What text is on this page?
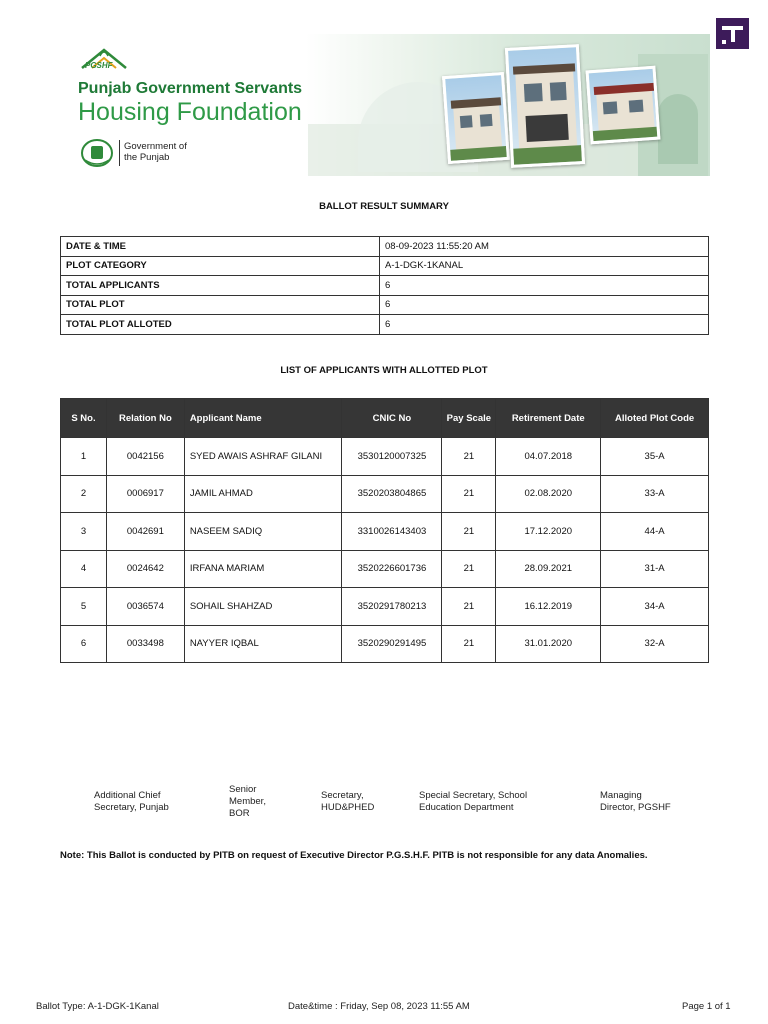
PGSHF
Punjab Government Servants
Housing Foundation
Government of
the Punjab
BALLOT RESULT SUMMARY
DATE & TIME	08-09-2023 11:55:20 AM
PLOT CATEGORY	A-1-DGK-1KANAL
TOTAL APPLICANTS	6
TOTAL PLOT	6
TOTAL PLOT ALLOTED	6
LIST OF APPLICANTS WITH ALLOTTED PLOT
S No.	Relation No	Applicant Name	CNIC No	Pay Scale	Retirement Date	Alloted Plot Code
1	0042156	SYED AWAIS ASHRAF GILANI	3530120007325	21	04.07.2018	35-A
2	0006917	JAMIL AHMAD	3520203804865	21	02.08.2020	33-A
3	0042691	NASEEM SADIQ	3310026143403	21	17.12.2020	44-A
4	0024642	IRFANA MARIAM	3520226601736	21	28.09.2021	31-A
5	0036574	SOHAIL SHAHZAD	3520291780213	21	16.12.2019	34-A
6	0033498	NAYYER IQBAL	3520290291495	21	31.01.2020	32-A
Additional Chief
Secretary, Punjab
Senior
Member,
BOR
Secretary,
HUD&PHED
Special Secretary, School
Education Department
Managing
Director, PGSHF
Note: This Ballot is conducted by PITB on request of Executive Director P.G.S.H.F. PITB is not responsible for any data Anomalies.
Ballot Type: A-1-DGK-1Kanal	Date&time : Friday, Sep 08, 2023 11:55 AM	Page 1 of 1
